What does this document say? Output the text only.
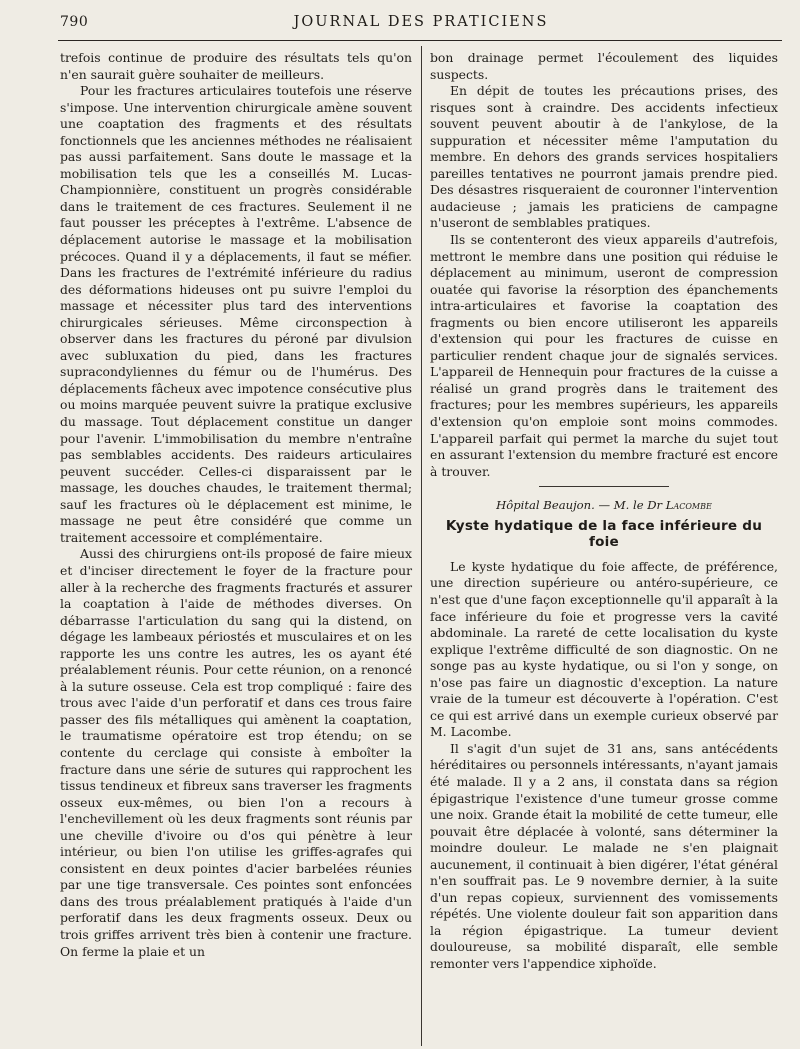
790	JOURNAL DES PRATICIENS

trefois continue de produire des résultats tels qu'on n'en saurait guère souhaiter de meilleurs.

Pour les fractures articulaires toutefois une réserve s'impose. Une intervention chirurgicale amène souvent une coaptation des fragments et des résultats fonctionnels que les anciennes méthodes ne réalisaient pas aussi parfaitement. Sans doute le massage et la mobilisation tels que les a conseillés M. Lucas-Championnière, constituent un progrès considérable dans le traitement de ces fractures. Seulement il ne faut pousser les préceptes à l'extrême. L'absence de déplacement autorise le massage et la mobilisation précoces. Quand il y a déplacements, il faut se méfier. Dans les fractures de l'extrémité inférieure du radius des déformations hideuses ont pu suivre l'emploi du massage et nécessiter plus tard des interventions chirurgicales sérieuses. Même circonspection à observer dans les fractures du péroné par divulsion avec subluxation du pied, dans les fractures supracondyliennes du fémur ou de l'humérus. Des déplacements fâcheux avec impotence consécutive plus ou moins marquée peuvent suivre la pratique exclusive du massage. Tout déplacement constitue un danger pour l'avenir. L'immobilisation du membre n'entraîne pas semblables accidents. Des raideurs articulaires peuvent succéder. Celles-ci disparaissent par le massage, les douches chaudes, le traitement thermal; sauf les fractures où le déplacement est minime, le massage ne peut être considéré que comme un traitement accessoire et complémentaire.

Aussi des chirurgiens ont-ils proposé de faire mieux et d'inciser directement le foyer de la fracture pour aller à la recherche des fragments fracturés et assurer la coaptation à l'aide de méthodes diverses. On débarrasse l'articulation du sang qui la distend, on dégage les lambeaux périostés et musculaires et on les rapporte les uns contre les autres, les os ayant été préalablement réunis. Pour cette réunion, on a renoncé à la suture osseuse. Cela est trop compliqué : faire des trous avec l'aide d'un perforatif et dans ces trous faire passer des fils métalliques qui amènent la coaptation, le traumatisme opératoire est trop étendu; on se contente du cerclage qui consiste à emboîter la fracture dans une série de sutures qui rapprochent les tissus tendineux et fibreux sans traverser les fragments osseux eux-mêmes, ou bien l'on a recours à l'enchevillement où les deux fragments sont réunis par une cheville d'ivoire ou d'os qui pénètre à leur intérieur, ou bien l'on utilise les griffes-agrafes qui consistent en deux pointes d'acier barbelées réunies par une tige transversale. Ces pointes sont enfoncées dans des trous préalablement pratiqués à l'aide d'un perforatif dans les deux fragments osseux. Deux ou trois griffes arrivent très bien à contenir une fracture. On ferme la plaie et un

bon drainage permet l'écoulement des liquides suspects.

En dépit de toutes les précautions prises, des risques sont à craindre. Des accidents infectieux souvent peuvent aboutir à de l'ankylose, de la suppuration et nécessiter même l'amputation du membre. En dehors des grands services hospitaliers pareilles tentatives ne pourront jamais prendre pied. Des désastres risqueraient de couronner l'intervention audacieuse ; jamais les praticiens de campagne n'useront de semblables pratiques.

Ils se contenteront des vieux appareils d'autrefois, mettront le membre dans une position qui réduise le déplacement au minimum, useront de compression ouatée qui favorise la résorption des épanchements intra-articulaires et favorise la coaptation des fragments ou bien encore utiliseront les appareils d'extension qui pour les fractures de cuisse en particulier rendent chaque jour de signalés services. L'appareil de Hennequin pour fractures de la cuisse a réalisé un grand progrès dans le traitement des fractures; pour les membres supérieurs, les appareils d'extension qu'on emploie sont moins commodes. L'appareil parfait qui permet la marche du sujet tout en assurant l'extension du membre fracturé est encore à trouver.

Hôpital Beaujon. — M. le Dr Lacombe
Kyste hydatique de la face inférieure du foie

Le kyste hydatique du foie affecte, de préférence, une direction supérieure ou antéro-supérieure, ce n'est que d'une façon exceptionnelle qu'il apparaît à la face inférieure du foie et progresse vers la cavité abdominale. La rareté de cette localisation du kyste explique l'extrême difficulté de son diagnostic. On ne songe pas au kyste hydatique, ou si l'on y songe, on n'ose pas faire un diagnostic d'exception. La nature vraie de la tumeur est découverte à l'opération. C'est ce qui est arrivé dans un exemple curieux observé par M. Lacombe.

Il s'agit d'un sujet de 31 ans, sans antécédents héréditaires ou personnels intéressants, n'ayant jamais été malade. Il y a 2 ans, il constata dans sa région épigastrique l'existence d'une tumeur grosse comme une noix. Grande était la mobilité de cette tumeur, elle pouvait être déplacée à volonté, sans déterminer la moindre douleur. Le malade ne s'en plaignait aucunement, il continuait à bien digérer, l'état général n'en souffrait pas. Le 9 novembre dernier, à la suite d'un repas copieux, surviennent des vomissements répétés. Une violente douleur fait son apparition dans la région épigastrique. La tumeur devient douloureuse, sa mobilité disparaît, elle semble remonter vers l'appendice xiphoïde.
